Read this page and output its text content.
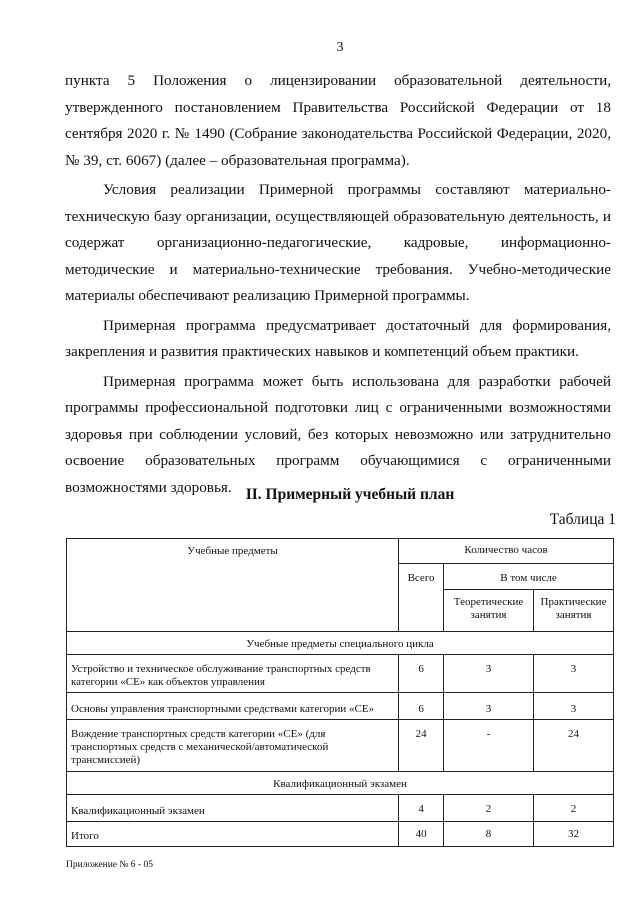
3

пункта 5 Положения о лицензировании образовательной деятельности, утвержденного постановлением Правительства Российской Федерации от 18 сентября 2020 г. № 1490 (Собрание законодательства Российской Федерации, 2020, № 39, ст. 6067) (далее – образовательная программа).

Условия реализации Примерной программы составляют материально-техническую базу организации, осуществляющей образовательную деятельность, и содержат организационно-педагогические, кадровые, информационно-методические и материально-технические требования. Учебно-методические материалы обеспечивают реализацию Примерной программы.

Примерная программа предусматривает достаточный для формирования, закрепления и развития практических навыков и компетенций объем практики.

Примерная программа может быть использована для разработки рабочей программы профессиональной подготовки лиц с ограниченными возможностями здоровья при соблюдении условий, без которых невозможно или затруднительно освоение образовательных программ обучающимися с ограниченными возможностями здоровья. II. Примерный учебный план
Таблица 1
Учебные предметы	Количество часов		
	Всего	В том числе	
		Теоретические занятия	Практические занятия
Учебные предметы специального цикла			
Устройство и техническое обслуживание транспортных средств категории «СЕ» как объектов управления	6	3	3
Основы управления транспортными средствами категории «СЕ»	6	3	3
Вождение транспортных средств категории «СЕ» (для транспортных средств с механической/автоматической трансмиссией)	24	-	24
Квалификационный экзамен			
Квалификационный экзамен	4	2	2
Итого	40	8	32
Приложение № 6 - 05
